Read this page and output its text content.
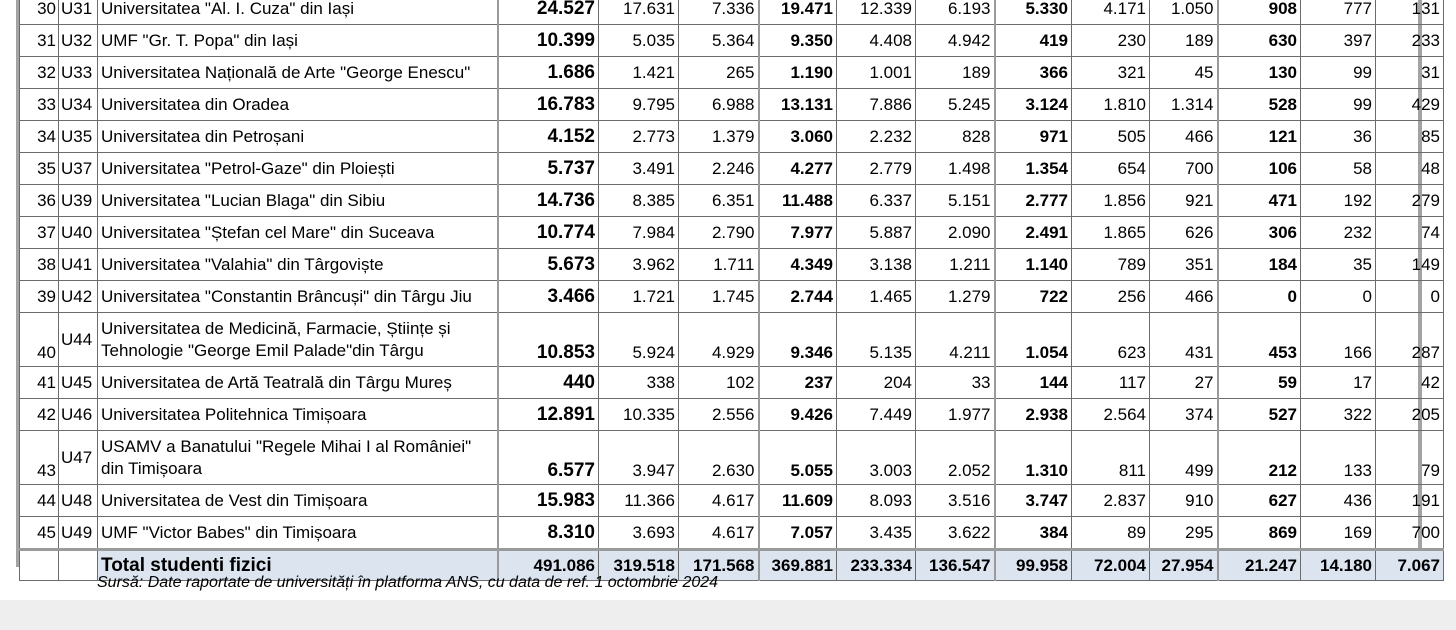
30	U31	Universitatea "Al. I. Cuza" din Iași	24.527	17.631	7.336	19.471	12.339	6.193	5.330	4.171	1.050	908	777	131
31	U32	UMF "Gr. T. Popa" din Iași	10.399	5.035	5.364	9.350	4.408	4.942	419	230	189	630	397	233
32	U33	Universitatea Națională de Arte "George Enescu"	1.686	1.421	265	1.190	1.001	189	366	321	45	130	99	31
33	U34	Universitatea din Oradea	16.783	9.795	6.988	13.131	7.886	5.245	3.124	1.810	1.314	528	99	429
34	U35	Universitatea din Petroșani	4.152	2.773	1.379	3.060	2.232	828	971	505	466	121	36	85
35	U37	Universitatea "Petrol-Gaze" din Ploiești	5.737	3.491	2.246	4.277	2.779	1.498	1.354	654	700	106	58	48
36	U39	Universitatea "Lucian Blaga" din Sibiu	14.736	8.385	6.351	11.488	6.337	5.151	2.777	1.856	921	471	192	279
37	U40	Universitatea "Ștefan cel Mare" din Suceava	10.774	7.984	2.790	7.977	5.887	2.090	2.491	1.865	626	306	232	74
38	U41	Universitatea "Valahia" din Târgoviște	5.673	3.962	1.711	4.349	3.138	1.211	1.140	789	351	184	35	149
39	U42	Universitatea "Constantin Brâncuși" din Târgu Jiu	3.466	1.721	1.745	2.744	1.465	1.279	722	256	466	0	0	0
40	U44	Universitatea de Medicină, Farmacie, Științe și Tehnologie "George Emil Palade"din Târgu	10.853	5.924	4.929	9.346	5.135	4.211	1.054	623	431	453	166	287
41	U45	Universitatea de Artă Teatrală din Târgu Mureș	440	338	102	237	204	33	144	117	27	59	17	42
42	U46	Universitatea Politehnica Timișoara	12.891	10.335	2.556	9.426	7.449	1.977	2.938	2.564	374	527	322	205
43	U47	USAMV a Banatului "Regele Mihai I al României" din Timișoara	6.577	3.947	2.630	5.055	3.003	2.052	1.310	811	499	212	133	79
44	U48	Universitatea de Vest din Timișoara	15.983	11.366	4.617	11.609	8.093	3.516	3.747	2.837	910	627	436	191
45	U49	UMF "Victor Babes" din Timișoara	8.310	3.693	4.617	7.057	3.435	3.622	384	89	295	869	169	700
		Total studenti fizici	491.086	319.518	171.568	369.881	233.334	136.547	99.958	72.004	27.954	21.247	14.180	7.067
Sursă: Date raportate de universități în platforma ANS, cu data de ref. 1 octombrie 2024
